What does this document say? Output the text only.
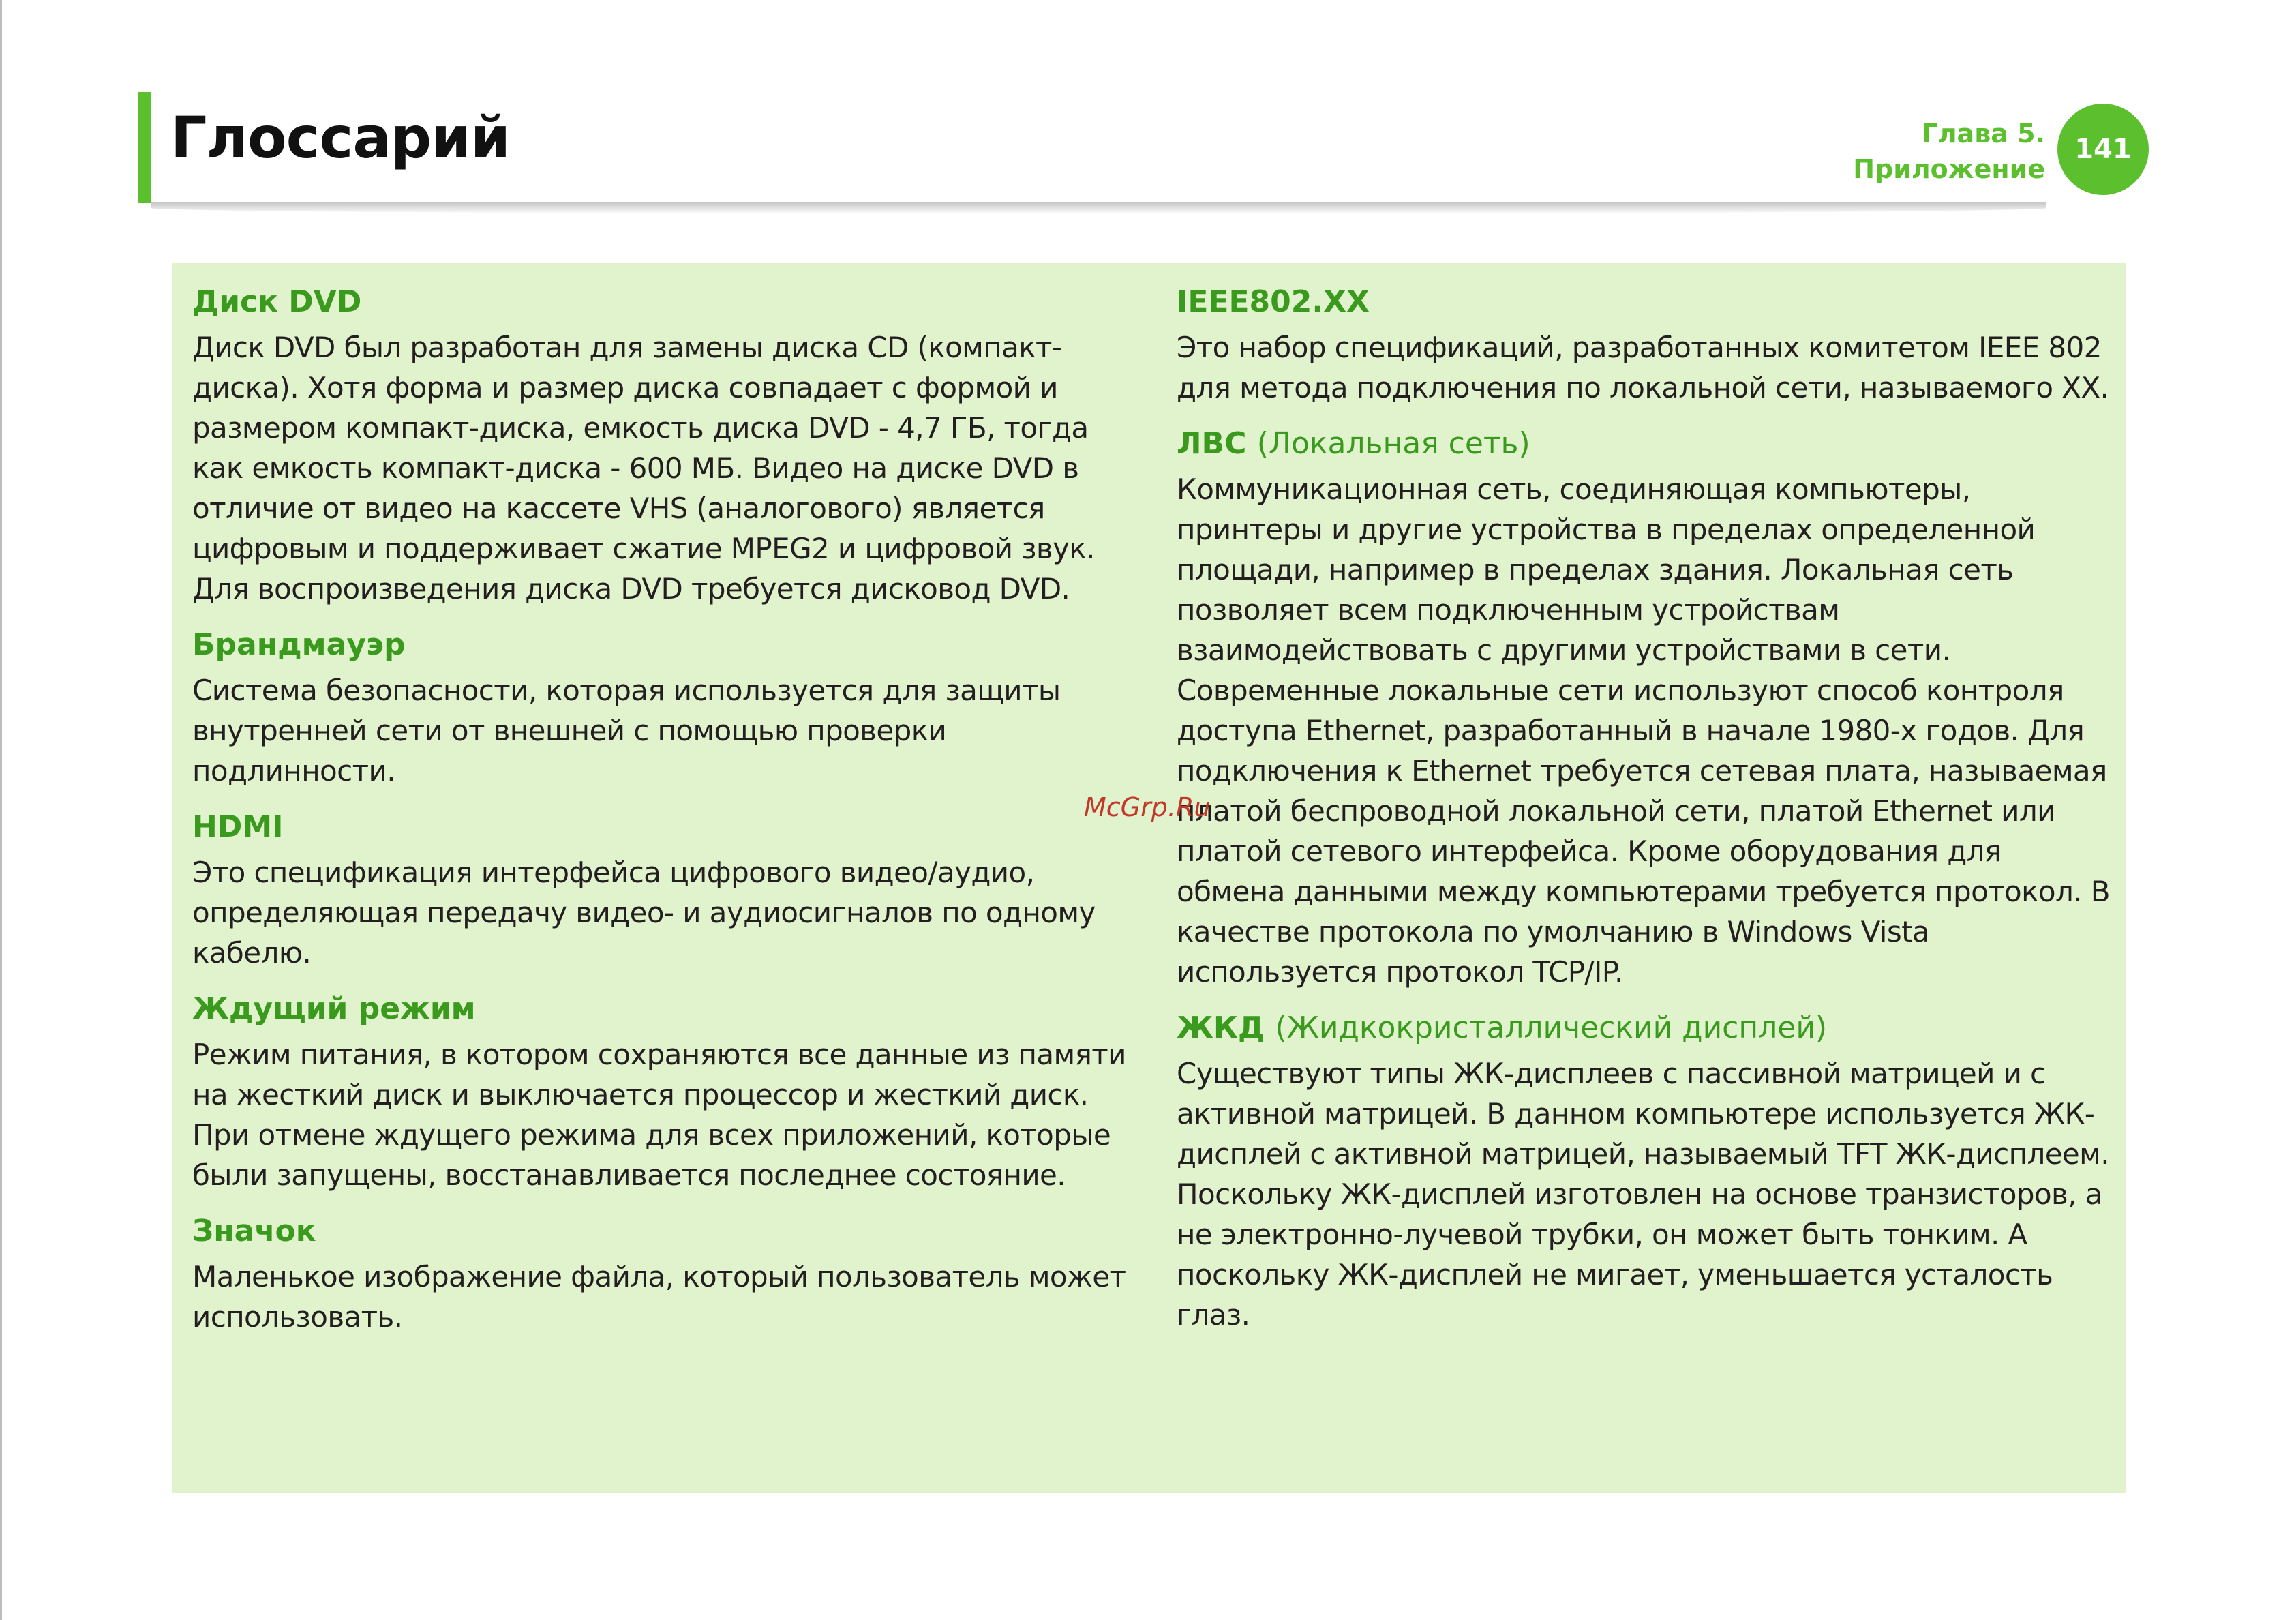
Глоссарий	Глава 5.
Приложение
141
Диск DVD

Диск DVD был разработан для замены диска CD (компакт-диска). Хотя форма и размер диска совпадает с формой и размером компакт-диска, емкость диска DVD - 4,7 ГБ, тогда как емкость компакт-диска - 600 МБ. Видео на диске DVD в отличие от видео на кассете VHS (аналогового) является цифровым и поддерживает сжатие MPEG2 и цифровой звук. Для воспроизведения диска DVD требуется дисковод DVD.

Брандмауэр

Система безопасности, которая используется для защиты внутренней сети от внешней с помощью проверки подлинности.

HDMI

Это спецификация интерфейса цифрового видео/аудио, определяющая передачу видео- и аудиосигналов по одному кабелю.

Ждущий режим

Режим питания, в котором сохраняются все данные из памяти на жесткий диск и выключается процессор и жесткий диск. При отмене ждущего режима для всех приложений, которые были запущены, восстанавливается последнее состояние.

Значок

Маленькое изображение файла, который пользователь может использовать.

IEEE802.XX

Это набор спецификаций, разработанных комитетом IEEE 802 для метода подключения по локальной сети, называемого XX.

ЛВС (Локальная сеть)

Коммуникационная сеть, соединяющая компьютеры, принтеры и другие устройства в пределах определенной площади, например в пределах здания. Локальная сеть позволяет всем подключенным устройствам взаимодействовать с другими устройствами в сети. Современные локальные сети используют способ контроля доступа Ethernet, разработанный в начале 1980-х годов. Для подключения к Ethernet требуется сетевая плата, называемая платой беспроводной локальной сети, платой Ethernet или платой сетевого интерфейса. Кроме оборудования для обмена данными между компьютерами требуется протокол. В качестве протокола по умолчанию в Windows Vista используется протокол TCP/IP.

ЖКД (Жидкокристаллический дисплей)

Существуют типы ЖК-дисплеев с пассивной матрицей и с активной матрицей. В данном компьютере используется ЖК-дисплей с активной матрицей, называемый TFT ЖК-дисплеем. Поскольку ЖК-дисплей изготовлен на основе транзисторов, а не электронно-лучевой трубки, он может быть тонким. А поскольку ЖК-дисплей не мигает, уменьшается усталость глаз.

McGrp.Ru
